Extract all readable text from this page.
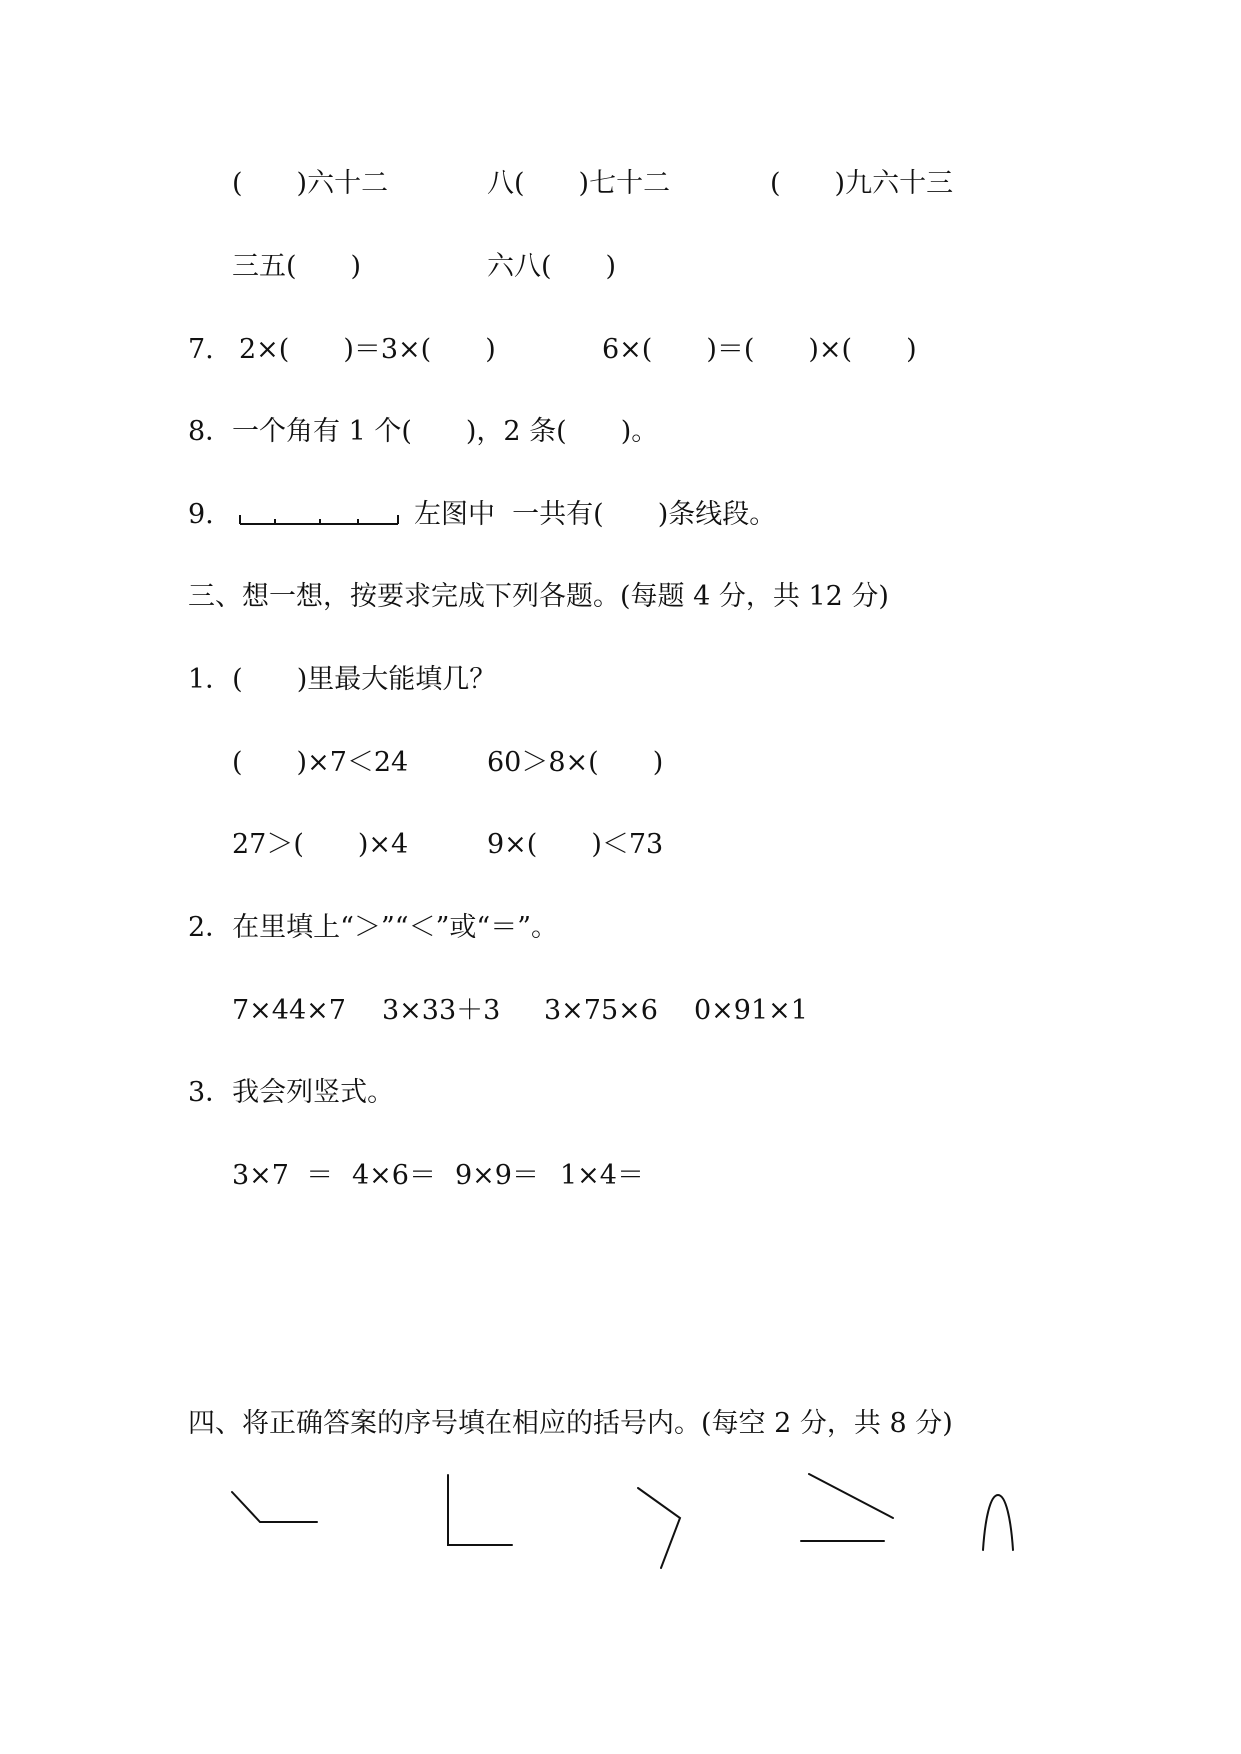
(　　)六十二	八(　　)七十二	(　　)九六十三
三五(　　)	六八(　　)
7. 2×(　　)＝3×(　　)	6×(　　)＝(　　)×(　　)
8． 一个角有 1 个(　　)，2 条(　　)。
9.	左图中  一共有(　　)条线段。
三、想一想，按要求完成下列各题。(每题 4 分，共 12 分)
1．(　　)里最大能填几？
(　　)×7＜24	60＞8×(　　)
27＞(　　)×4	9×(　　)＜73
2．在里填上“＞”“＜”或“＝”。
7×44×7 3×33＋3 3×75×6 0×91×1
3．我会列竖式。
3×7  ＝ 4×6＝ 9×9＝ 1×4＝
四、将正确答案的序号填在相应的括号内。(每空 2 分，共 8 分)
